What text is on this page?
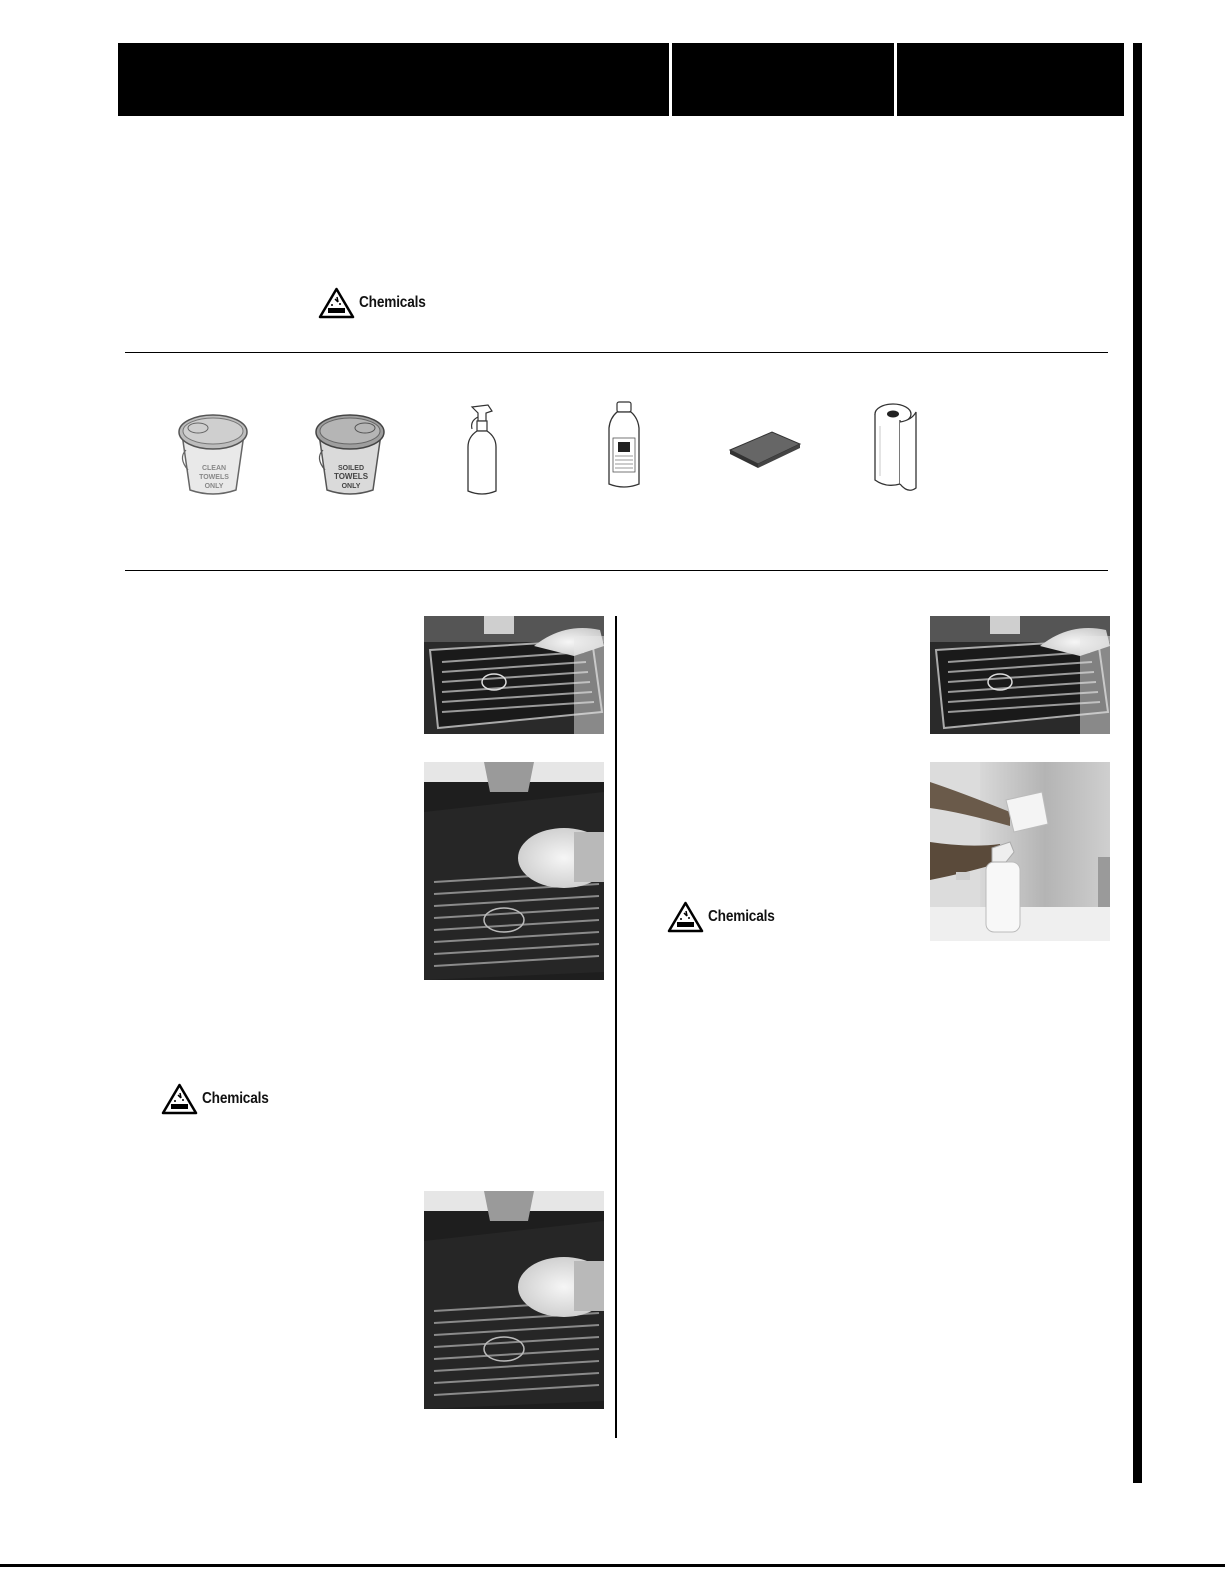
Chemicals
CLEAN
TOWELS
ONLY
SOILED
TOWELS
ONLY
Chemicals
Chemicals
